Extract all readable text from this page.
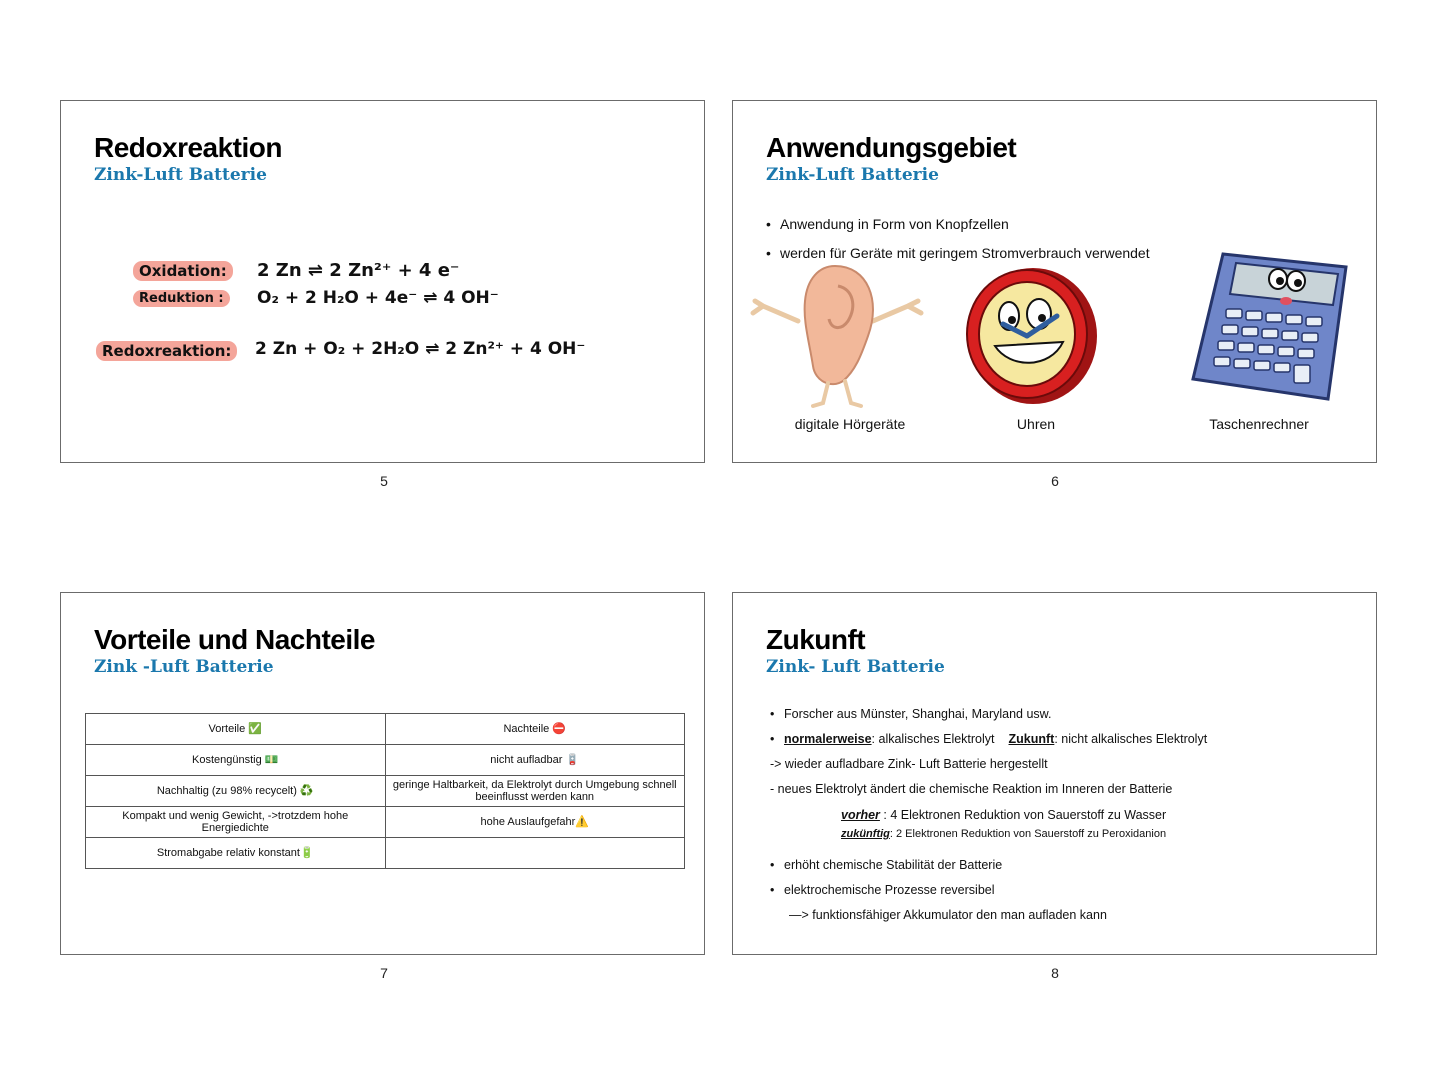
Redoxreaktion
Zink-Luft Batterie
Oxidation:	2 Zn ⇌ 2 Zn²⁺ + 4 e⁻
Reduktion :	O₂ + 2 H₂O + 4e⁻ ⇌ 4 OH⁻
Redoxreaktion:	2 Zn + O₂ + 2H₂O ⇌ 2 Zn²⁺ + 4 OH⁻
5
Anwendungsgebiet
Zink-Luft Batterie
• Anwendung in Form von Knopfzellen
• werden für Geräte mit geringem Stromverbrauch verwendet
digitale Hörgeräte	Uhren	Taschenrechner
6
Vorteile und Nachteile
Zink -Luft Batterie
Vorteile ✅	Nachteile ⛔
Kostengünstig 💵	nicht aufladbar 🪫
Nachhaltig (zu 98% recycelt) ♻️	geringe Haltbarkeit, da Elektrolyt durch Umgebung schnell beeinflusst werden kann
Kompakt und wenig Gewicht, ->trotzdem hohe Energiedichte	hohe Auslaufgefahr⚠️
Stromabgabe relativ konstant🔋	
7
Zukunft
Zink- Luft Batterie
• Forscher aus Münster, Shanghai, Maryland usw.
• normalerweise: alkalisches Elektrolyt Zukunft: nicht alkalisches Elektrolyt
-> wieder aufladbare Zink- Luft Batterie hergestellt
- neues Elektrolyt ändert die chemische Reaktion im Inneren der Batterie
vorher : 4 Elektronen Reduktion von Sauerstoff zu Wasser
zukünftig: 2 Elektronen Reduktion von Sauerstoff zu Peroxidanion
• erhöht chemische Stabilität der Batterie
• elektrochemische Prozesse reversibel
—> funktionsfähiger Akkumulator den man aufladen kann
8
